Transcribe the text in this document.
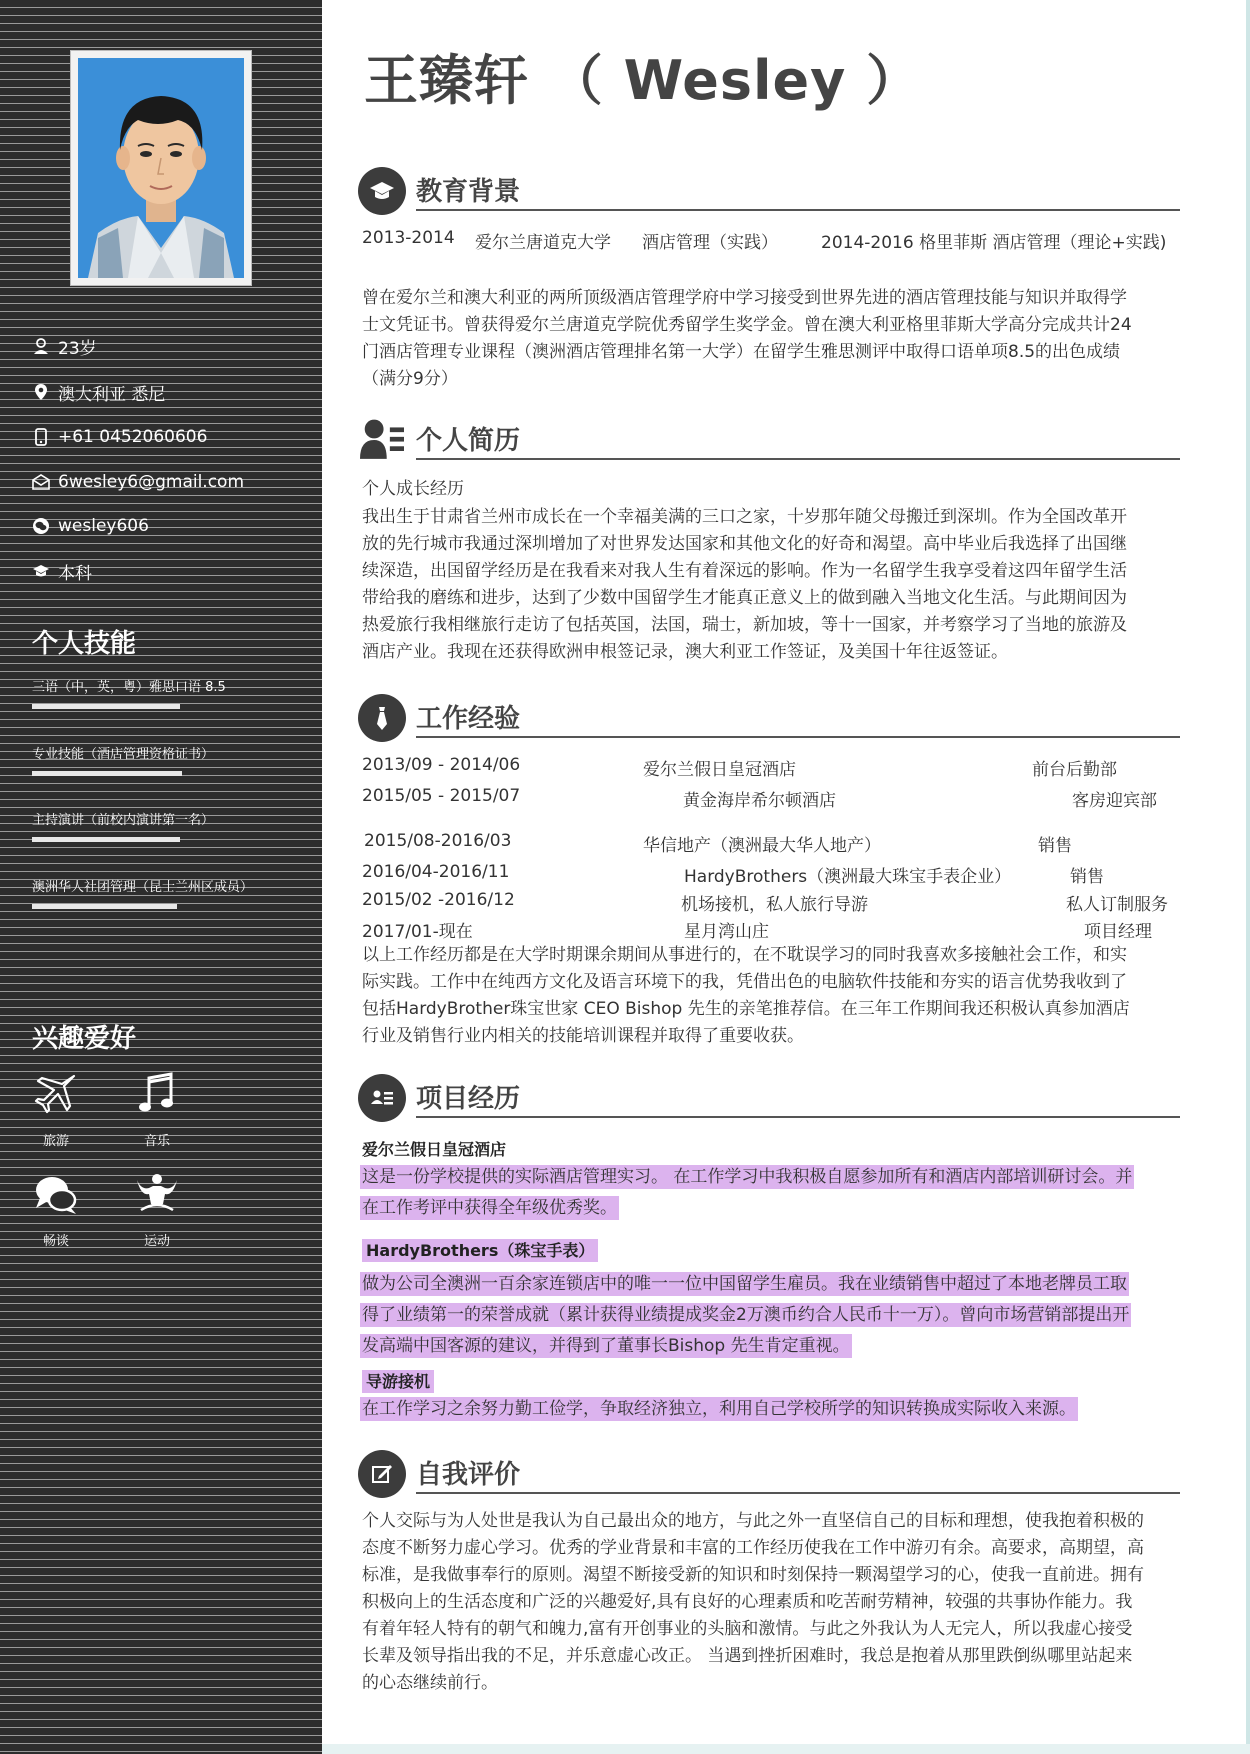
23岁
澳大利亚 悉尼
+61 0452060606
6wesley6@gmail.com
wesley606
本科
个人技能
三语（中，英，粤）雅思口语 8.5
专业技能（酒店管理资格证书）
主持演讲（前校内演讲第一名）
澳洲华人社团管理（昆士兰州区成员）
兴趣爱好
旅游	音乐
畅谈	运动
王臻轩 （ Wesley ）
教育背景
2013-2014 爱尔兰唐道克大学 酒店管理（实践）	2014-2016 格里菲斯 酒店管理（理论+实践)
曾在爱尔兰和澳大利亚的两所顶级酒店管理学府中学习接受到世界先进的酒店管理技能与知识并取得学
士文凭证书。曾获得爱尔兰唐道克学院优秀留学生奖学金。曾在澳大利亚格里菲斯大学高分完成共计24
门酒店管理专业课程（澳洲酒店管理排名第一大学）在留学生雅思测评中取得口语单项8.5的出色成绩
（满分9分）
个人简历
个人成长经历
我出生于甘肃省兰州市成长在一个幸福美满的三口之家，十岁那年随父母搬迁到深圳。作为全国改革开
放的先行城市我通过深圳增加了对世界发达国家和其他文化的好奇和渴望。高中毕业后我选择了出国继
续深造，出国留学经历是在我看来对我人生有着深远的影响。作为一名留学生我享受着这四年留学生活
带给我的磨练和进步，达到了少数中国留学生才能真正意义上的做到融入当地文化生活。与此期间因为
热爱旅行我相继旅行走访了包括英国，法国，瑞士，新加坡，等十一国家，并考察学习了当地的旅游及
酒店产业。我现在还获得欧洲申根签记录，澳大利亚工作签证，及美国十年往返签证。
工作经验
2013/09 - 2014/06	爱尔兰假日皇冠酒店	前台后勤部
2015/05 - 2015/07	黄金海岸希尔顿酒店	客房迎宾部
2015/08-2016/03	华信地产（澳洲最大华人地产）	销售
2016/04-2016/11	HardyBrothers（澳洲最大珠宝手表企业）	销售
2015/02 -2016/12	机场接机，私人旅行导游	私人订制服务
2017/01-现在	星月湾山庄	项目经理
以上工作经历都是在大学时期课余期间从事进行的，在不耽误学习的同时我喜欢多接触社会工作，和实
际实践。工作中在纯西方文化及语言环境下的我，凭借出色的电脑软件技能和夯实的语言优势我收到了
包括HardyBrother珠宝世家 CEO Bishop 先生的亲笔推荐信。在三年工作期间我还积极认真参加酒店
行业及销售行业内相关的技能培训课程并取得了重要收获。
项目经历
爱尔兰假日皇冠酒店
这是一份学校提供的实际酒店管理实习。 在工作学习中我积极自愿参加所有和酒店内部培训研讨会。并
在工作考评中获得全年级优秀奖。
HardyBrothers（珠宝手表）
做为公司全澳洲一百余家连锁店中的唯一一位中国留学生雇员。我在业绩销售中超过了本地老牌员工取
得了业绩第一的荣誉成就（累计获得业绩提成奖金2万澳币约合人民币十一万）。曾向市场营销部提出开
发高端中国客源的建议，并得到了董事长Bishop 先生肯定重视。
导游接机
在工作学习之余努力勤工俭学，争取经济独立，利用自己学校所学的知识转换成实际收入来源。
自我评价
个人交际与为人处世是我认为自己最出众的地方，与此之外一直坚信自己的目标和理想，使我抱着积极的
态度不断努力虚心学习。优秀的学业背景和丰富的工作经历使我在工作中游刃有余。高要求，高期望，高
标准，是我做事奉行的原则。渴望不断接受新的知识和时刻保持一颗渴望学习的心，使我一直前进。拥有
积极向上的生活态度和广泛的兴趣爱好,具有良好的心理素质和吃苦耐劳精神，较强的共事协作能力。我
有着年轻人特有的朝气和魄力,富有开创事业的头脑和激情。与此之外我认为人无完人，所以我虚心接受
长辈及领导指出我的不足，并乐意虚心改正。 当遇到挫折困难时，我总是抱着从那里跌倒纵哪里站起来
的心态继续前行。
